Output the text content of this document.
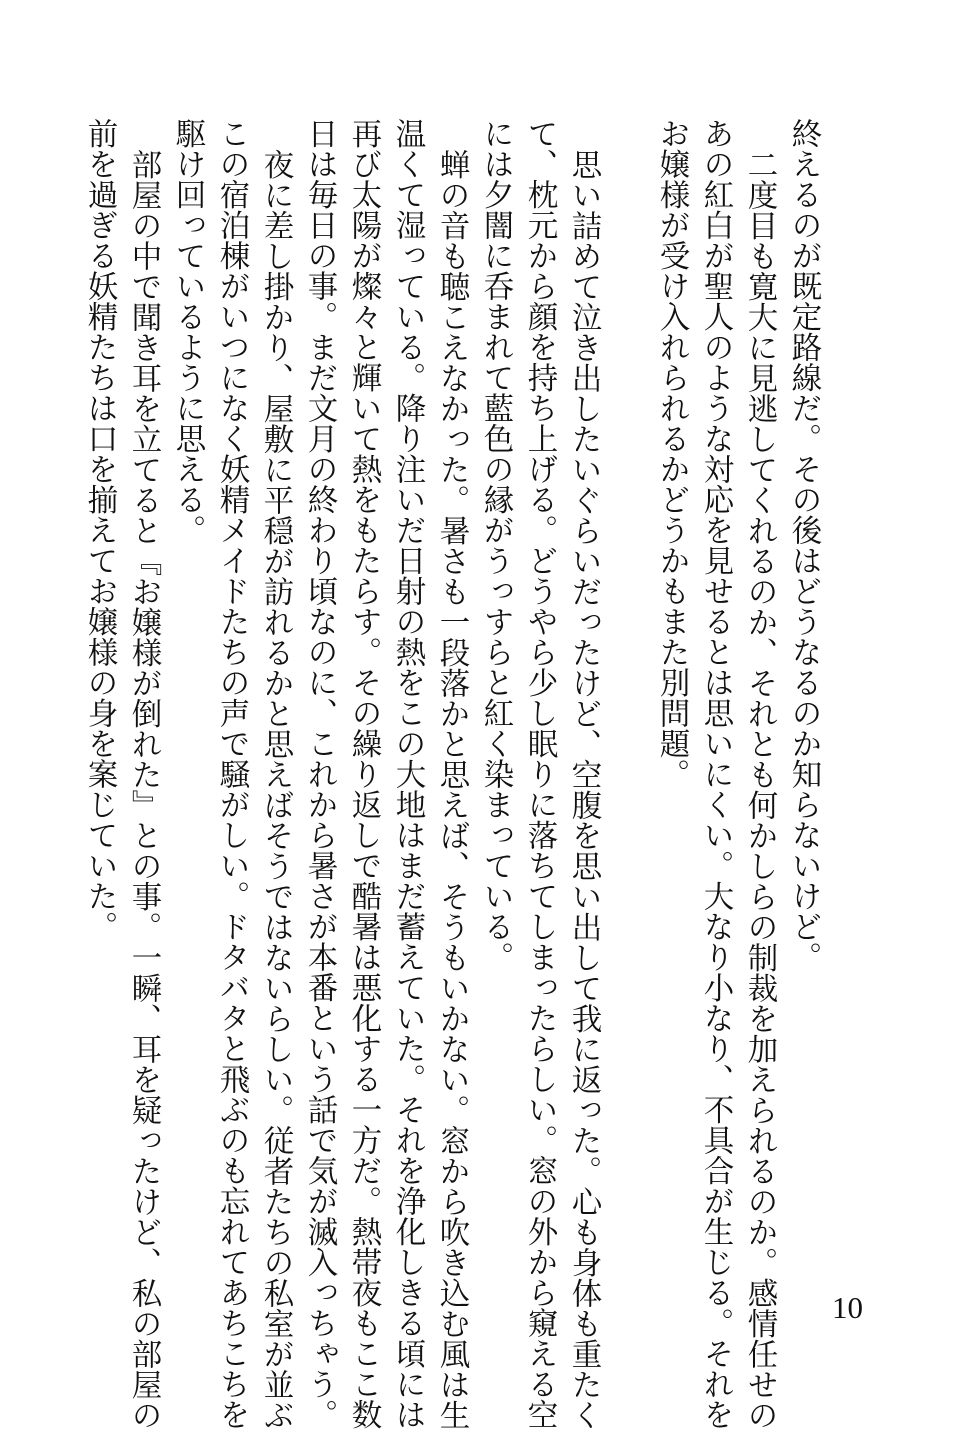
終えるのが既定路線だ。その後はどうなるのか知らないけど。
二度目も寛大に見逃してくれるのか、それとも何かしらの制裁を加えられるのか。感情任せの
あの紅白が聖人のような対応を見せるとは思いにくい。大なり小なり、不具合が生じる。それを
お嬢様が受け入れられるかどうかもまた別問題。
思い詰めて泣き出したいぐらいだったけど、空腹を思い出して我に返った。心も身体も重たく
て、枕元から顔を持ち上げる。どうやら少し眠りに落ちてしまったらしい。窓の外から窺える空
には夕闇に呑まれて藍色の縁がうっすらと紅く染まっている。
蝉の音も聴こえなかった。暑さも一段落かと思えば、そうもいかない。窓から吹き込む風は生
温くて湿っている。降り注いだ日射の熱をこの大地はまだ蓄えていた。それを浄化しきる頃には
再び太陽が燦々と輝いて熱をもたらす。その繰り返しで酷暑は悪化する一方だ。熱帯夜もここ数
日は毎日の事。まだ文月の終わり頃なのに、これから暑さが本番という話で気が滅入っちゃう。
夜に差し掛かり、屋敷に平穏が訪れるかと思えばそうではないらしい。従者たちの私室が並ぶ
この宿泊棟がいつになく妖精メイドたちの声で騒がしい。ドタバタと飛ぶのも忘れてあちこちを
駆け回っているように思える。
部屋の中で聞き耳を立てると『お嬢様が倒れた』との事。一瞬、耳を疑ったけど、私の部屋の
前を過ぎる妖精たちは口を揃えてお嬢様の身を案じていた。
10
